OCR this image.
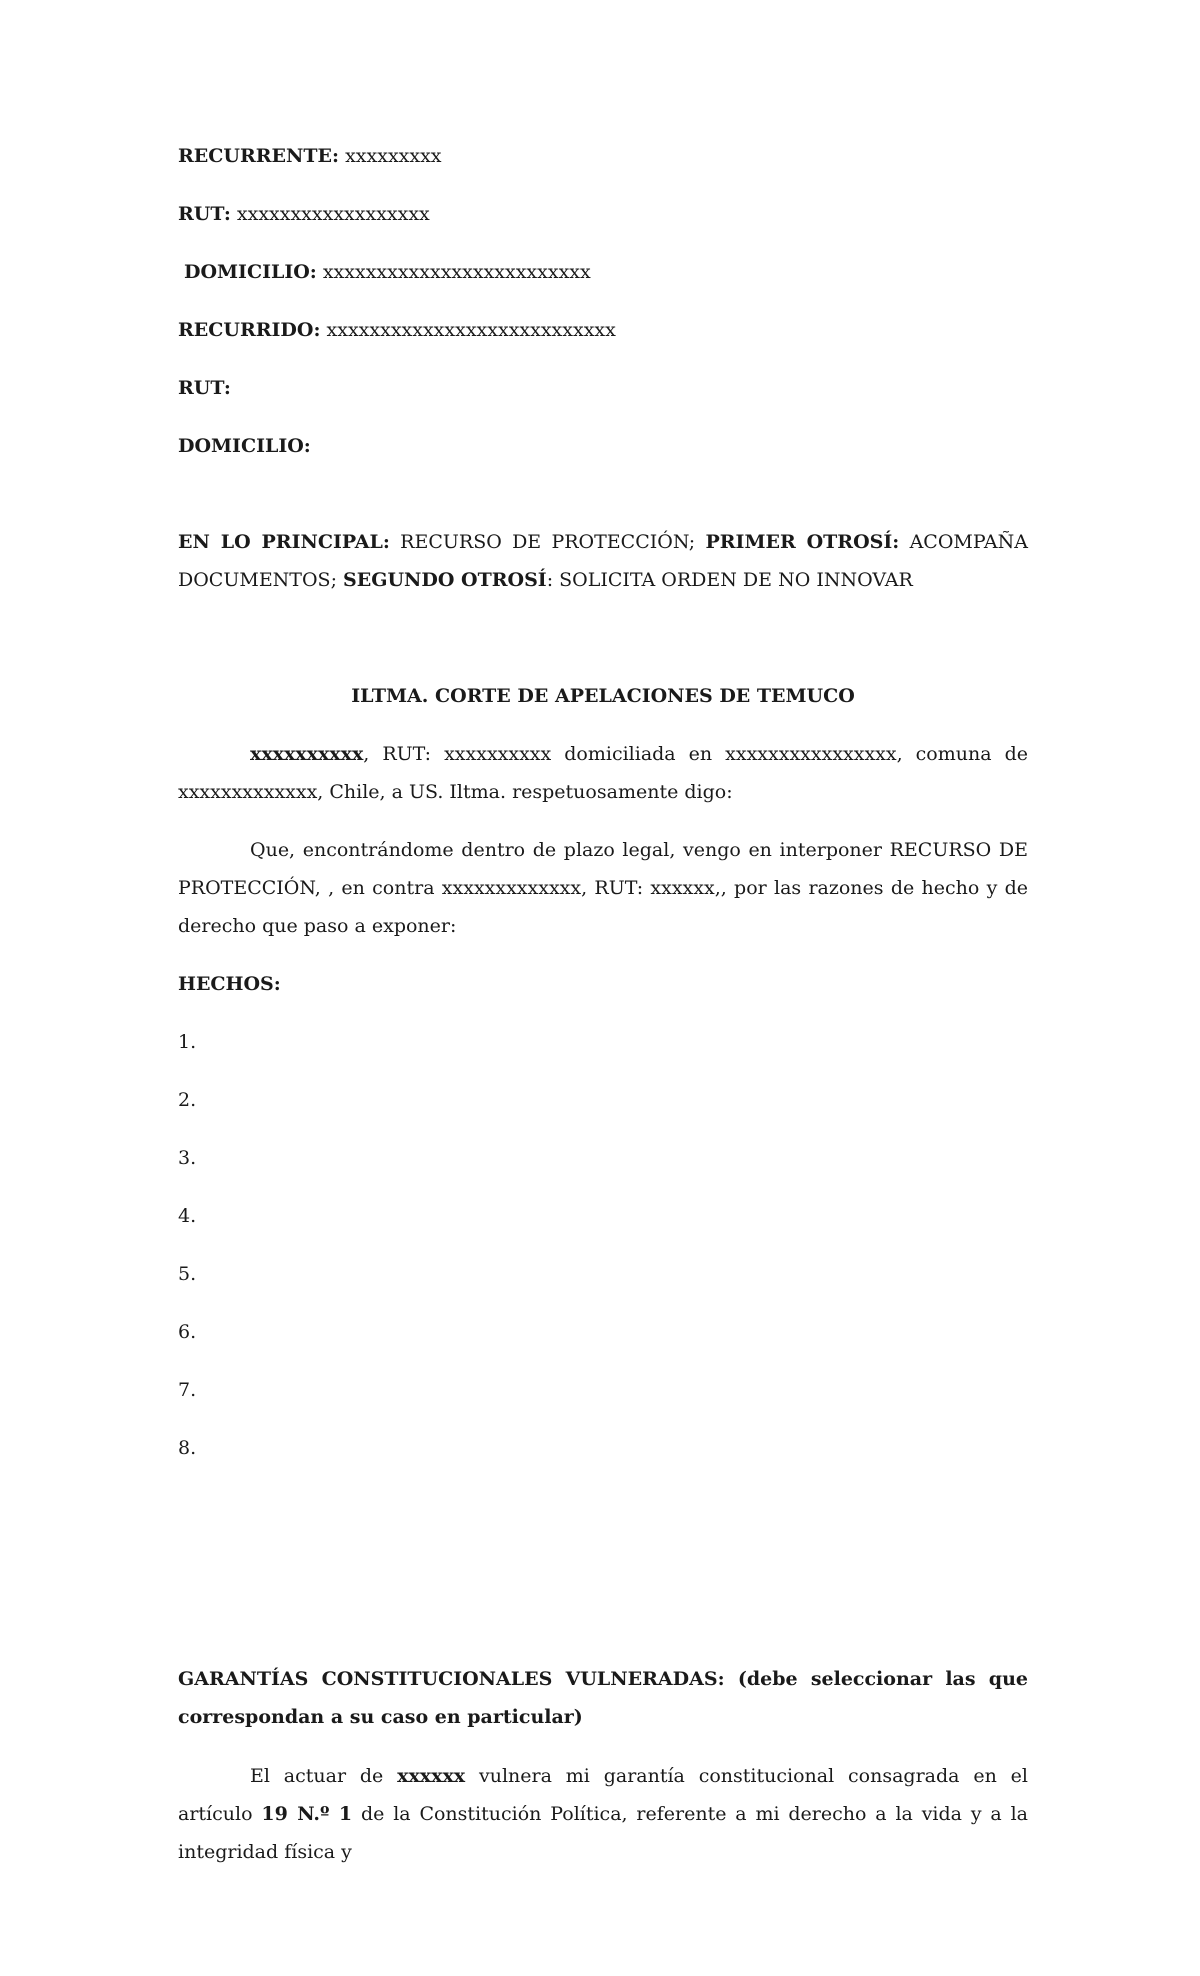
RECURRENTE: xxxxxxxxx
RUT: xxxxxxxxxxxxxxxxxx
DOMICILIO: xxxxxxxxxxxxxxxxxxxxxxxxx
RECURRIDO: xxxxxxxxxxxxxxxxxxxxxxxxxxx
RUT:
DOMICILIO:
EN LO PRINCIPAL: RECURSO DE PROTECCIÓN; PRIMER OTROSÍ: ACOMPAÑA DOCUMENTOS; SEGUNDO OTROSÍ: SOLICITA ORDEN DE NO INNOVAR
ILTMA. CORTE DE APELACIONES DE TEMUCO
xxxxxxxxxx, RUT: xxxxxxxxxx domiciliada en xxxxxxxxxxxxxxxx, comuna de xxxxxxxxxxxxx, Chile, a US. Iltma. respetuosamente digo:
Que, encontrándome dentro de plazo legal, vengo en interponer RECURSO DE PROTECCIÓN, , en contra xxxxxxxxxxxxx, RUT: xxxxxx,, por las razones de hecho y de derecho que paso a exponer:
HECHOS:
1.
2.
3.
4.
5.
6.
7.
8.
GARANTÍAS CONSTITUCIONALES VULNERADAS: (debe seleccionar las que correspondan a su caso en particular)
El actuar de xxxxxx vulnera mi garantía constitucional consagrada en el artículo 19 N.º 1 de la Constitución Política, referente a mi derecho a la vida y a la integridad física y
